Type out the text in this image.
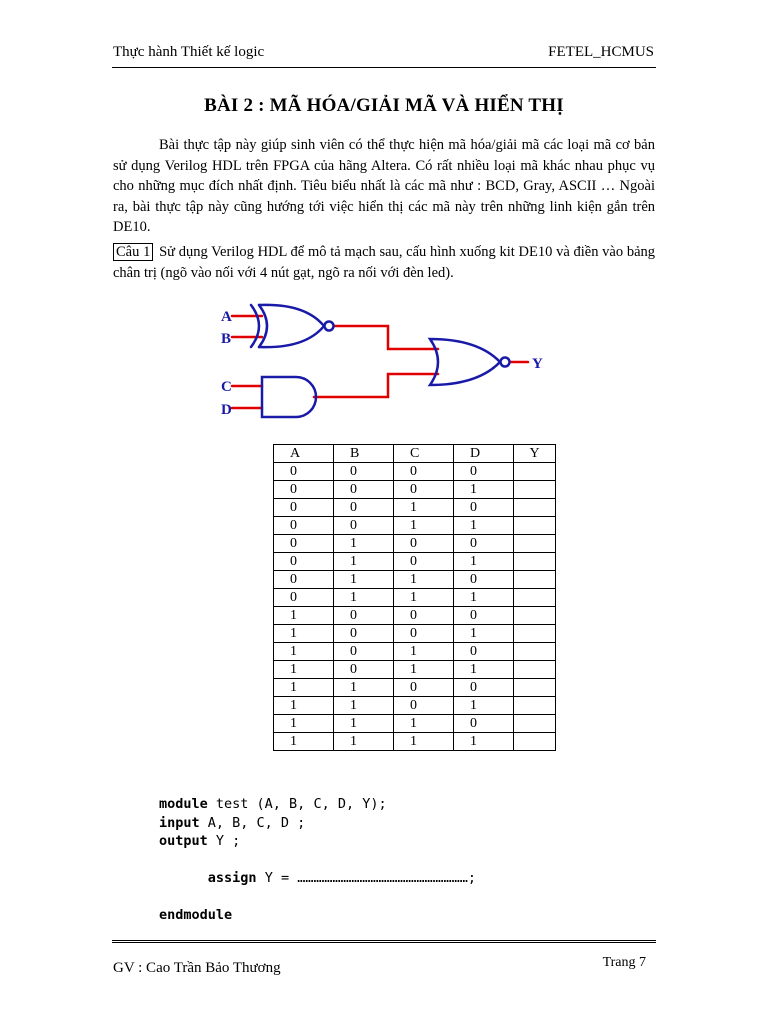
Thực hành Thiết kế logic	FETEL_HCMUS
BÀI 2 : MÃ HÓA/GIẢI MÃ VÀ HIỂN THỊ
Bài thực tập này giúp sinh viên có thể thực hiện mã hóa/giải mã các loại mã cơ bản sử dụng Verilog HDL trên FPGA của hãng Altera. Có rất nhiều loại mã khác nhau phục vụ cho những mục đích nhất định. Tiêu biểu nhất là các mã như : BCD, Gray, ASCII … Ngoài ra, bài thực tập này cũng hướng tới việc hiển thị các mã này trên những linh kiện gắn trên DE10.
Câu 1 Sử dụng Verilog HDL để mô tả mạch sau, cấu hình xuống kit DE10 và điền vào bảng chân trị (ngõ vào nối với 4 nút gạt, ngõ ra nối với đèn led).
A
B
C
D
Y
A	B	C	D	Y
0	0	0	0	
0	0	0	1	
0	0	1	0	
0	0	1	1	
0	1	0	0	
0	1	0	1	
0	1	1	0	
0	1	1	1	
1	0	0	0	
1	0	0	1	
1	0	1	0	
1	0	1	1	
1	1	0	0	
1	1	0	1	
1	1	1	0	
1	1	1	1	
module test (A, B, C, D, Y);
input A, B, C, D ;
output Y ;

assign Y = ………………………………………………………;

endmodule
GV : Cao Trần Bảo Thương	Trang 7
